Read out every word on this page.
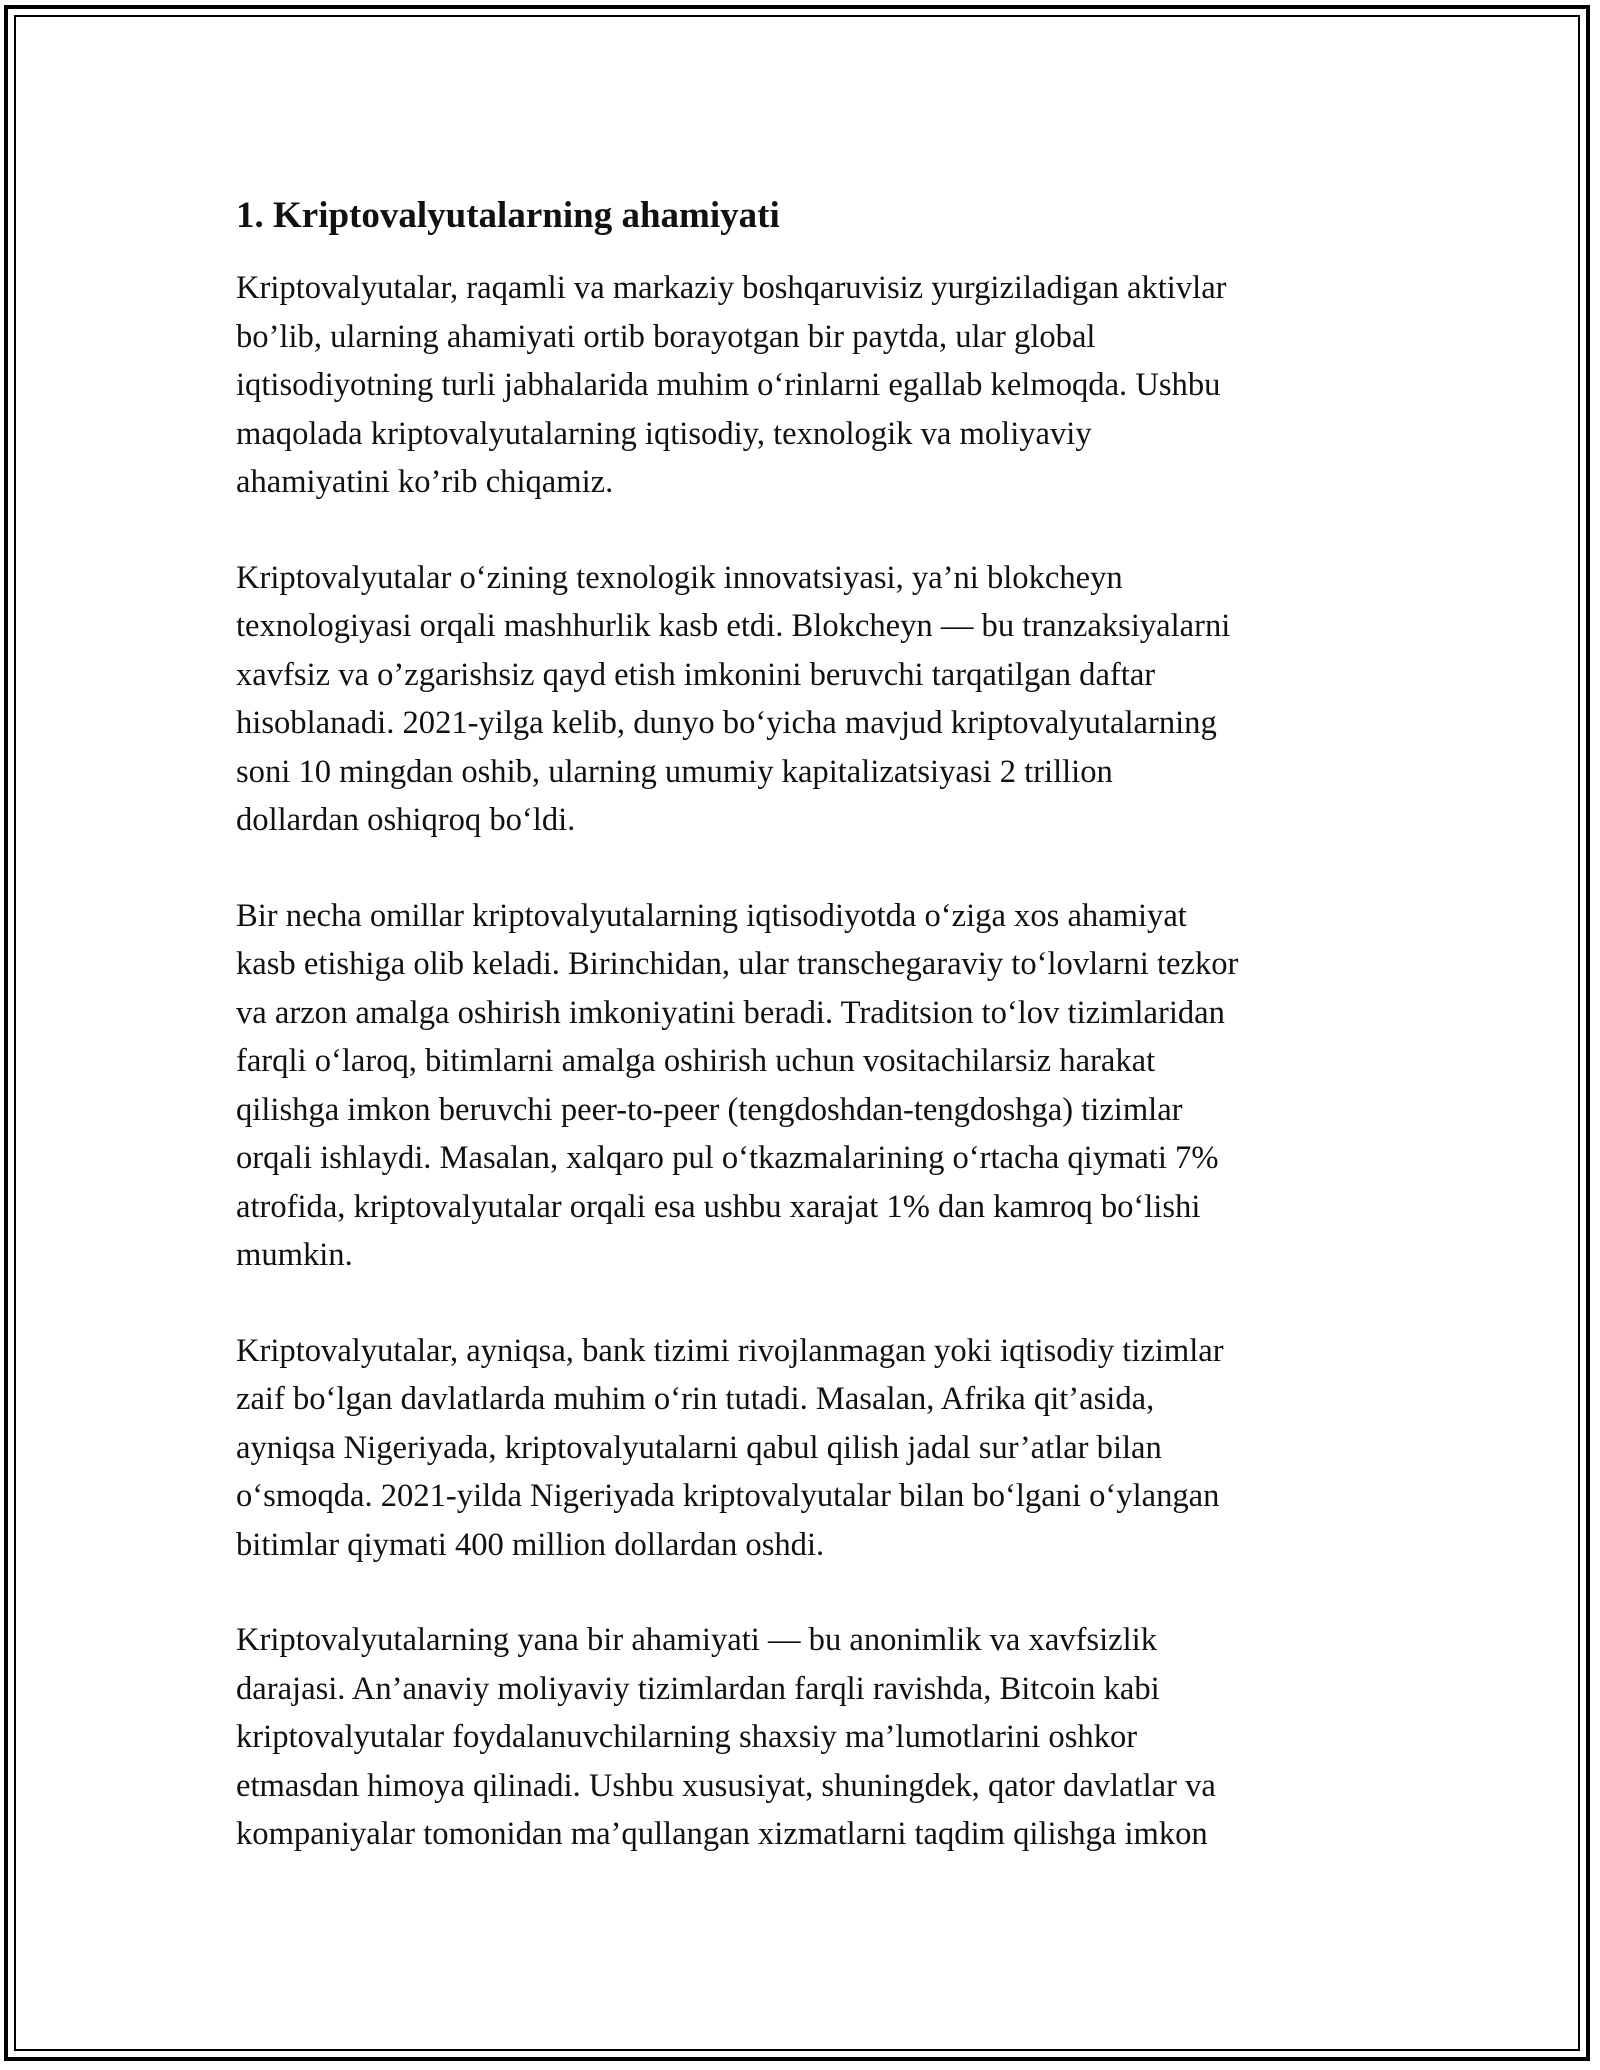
1. Kriptovalyutalarning ahamiyati

Kriptovalyutalar, raqamli va markaziy boshqaruvisiz yurgiziladigan aktivlar
bo’lib, ularning ahamiyati ortib borayotgan bir paytda, ular global
iqtisodiyotning turli jabhalarida muhim o‘rinlarni egallab kelmoqda. Ushbu
maqolada kriptovalyutalarning iqtisodiy, texnologik va moliyaviy
ahamiyatini ko’rib chiqamiz.

Kriptovalyutalar o‘zining texnologik innovatsiyasi, ya’ni blokcheyn
texnologiyasi orqali mashhurlik kasb etdi. Blokcheyn — bu tranzaksiyalarni
xavfsiz va o’zgarishsiz qayd etish imkonini beruvchi tarqatilgan daftar
hisoblanadi. 2021-yilga kelib, dunyo bo‘yicha mavjud kriptovalyutalarning
soni 10 mingdan oshib, ularning umumiy kapitalizatsiyasi 2 trillion
dollardan oshiqroq bo‘ldi.

Bir necha omillar kriptovalyutalarning iqtisodiyotda o‘ziga xos ahamiyat
kasb etishiga olib keladi. Birinchidan, ular transchegaraviy to‘lovlarni tezkor
va arzon amalga oshirish imkoniyatini beradi. Traditsion to‘lov tizimlaridan
farqli o‘laroq, bitimlarni amalga oshirish uchun vositachilarsiz harakat
qilishga imkon beruvchi peer-to-peer (tengdoshdan-tengdoshga) tizimlar
orqali ishlaydi. Masalan, xalqaro pul o‘tkazmalarining o‘rtacha qiymati 7%
atrofida, kriptovalyutalar orqali esa ushbu xarajat 1% dan kamroq bo‘lishi
mumkin.

Kriptovalyutalar, ayniqsa, bank tizimi rivojlanmagan yoki iqtisodiy tizimlar
zaif bo‘lgan davlatlarda muhim o‘rin tutadi. Masalan, Afrika qit’asida,
ayniqsa Nigeriyada, kriptovalyutalarni qabul qilish jadal sur’atlar bilan
o‘smoqda. 2021-yilda Nigeriyada kriptovalyutalar bilan bo‘lgani o‘ylangan
bitimlar qiymati 400 million dollardan oshdi.

Kriptovalyutalarning yana bir ahamiyati — bu anonimlik va xavfsizlik
darajasi. An’anaviy moliyaviy tizimlardan farqli ravishda, Bitcoin kabi
kriptovalyutalar foydalanuvchilarning shaxsiy ma’lumotlarini oshkor
etmasdan himoya qilinadi. Ushbu xususiyat, shuningdek, qator davlatlar va
kompaniyalar tomonidan ma’qullangan xizmatlarni taqdim qilishga imkon
